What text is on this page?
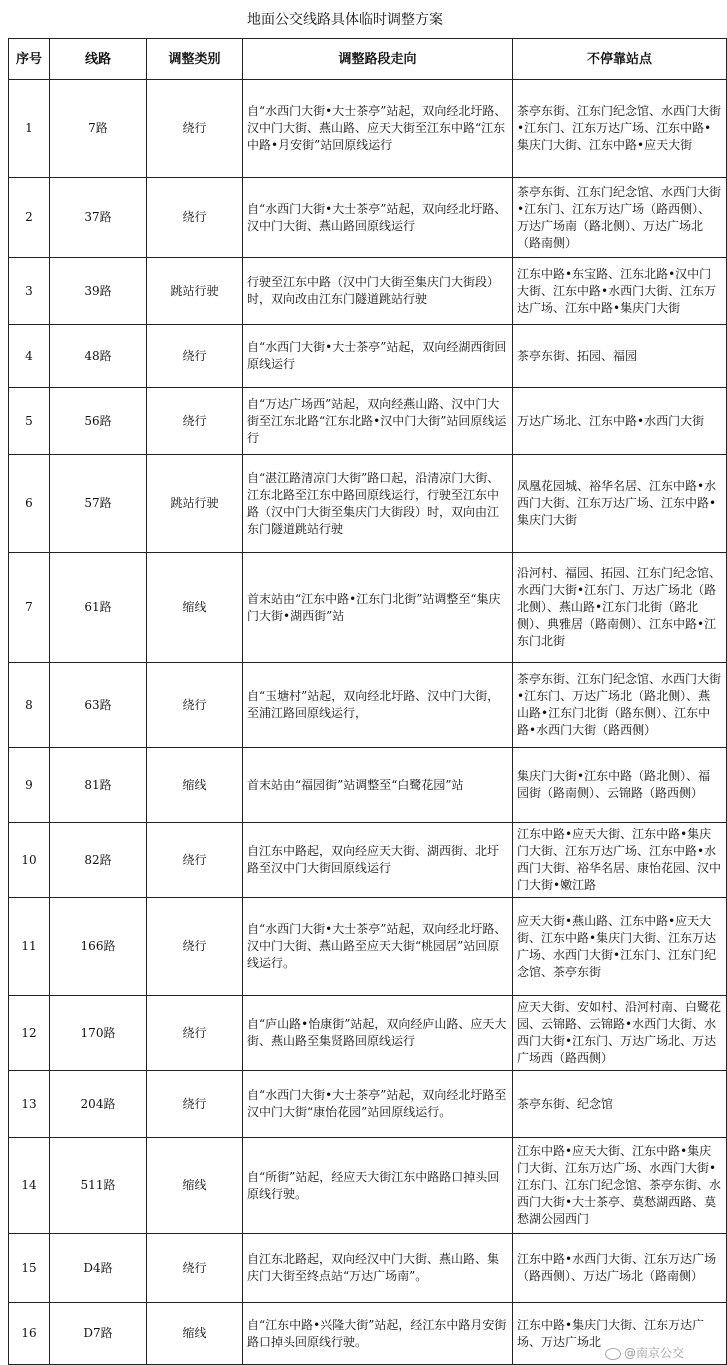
地面公交线路具体临时调整方案
序号	线路	调整类别	调整路段走向	不停靠站点
1	7路	绕行	自“水西门大街•大士茶亭”站起，双向经北圩路、汉中门大街、燕山路、应天大街至江东中路“江东中路•月安街”站回原线运行	茶亭东街、江东门纪念馆、水西门大街•江东门、江东万达广场、江东中路•集庆门大街、江东中路•应天大街
2	37路	绕行	自“水西门大街•大士茶亭”站起，双向经北圩路、汉中门大街、燕山路回原线运行	茶亭东街、江东门纪念馆、水西门大街•江东门、江东万达广场（路西侧）、万达广场南（路北侧）、万达广场北（路南侧）
3	39路	跳站行驶	行驶至江东中路（汉中门大街至集庆门大街段）时，双向改由江东门隧道跳站行驶	江东中路•东宝路、江东北路•汉中门大街、江东中路•水西门大街、江东万达广场、江东中路•集庆门大街
4	48路	绕行	自“水西门大街•大士茶亭”站起，双向经湖西街回原线运行	茶亭东街、拓园、福园
5	56路	绕行	自“万达广场西”站起，双向经燕山路、汉中门大街至江东北路“江东北路•汉中门大街”站回原线运行	万达广场北、江东中路•水西门大街
6	57路	跳站行驶	自“湛江路清凉门大街”路口起，沿清凉门大街、江东北路至江东中路回原线运行，行驶至江东中路（汉中门大街至集庆门大街段）时，双向由江东门隧道跳站行驶	凤凰花园城、裕华名居、江东中路•水西门大街、江东万达广场、江东中路•集庆门大街
7	61路	缩线	首末站由“江东中路•江东门北街”站调整至“集庆门大街•湖西街”站	沿河村、福园、拓园、江东门纪念馆、水西门大街•江东门、万达广场北（路北侧）、燕山路•江东门北街（路北侧）、典雅居（路南侧）、江东中路•江东门北街
8	63路	绕行	自“玉塘村”站起，双向经北圩路、汉中门大街，至浦江路回原线运行，	茶亭东街、江东门纪念馆、水西门大街•江东门、万达广场北（路北侧）、燕山路•江东门北街（路东侧）、江东中路•水西门大街（路西侧）
9	81路	缩线	首末站由“福园街”站调整至“白鹭花园”站	集庆门大街•江东中路（路北侧）、福园街（路南侧）、云锦路（路西侧）
10	82路	绕行	自江东中路起，双向经应天大街、湖西街、北圩路至汉中门大街回原线运行	江东中路•应天大街、江东中路•集庆门大街、江东万达广场、江东中路•水西门大街、裕华名居、康怡花园、汉中门大街•嫩江路
11	166路	绕行	自“水西门大街•大士茶亭”站起，双向经北圩路、汉中门大街、燕山路至应天大街“桃园居”站回原线运行。	应天大街•燕山路、江东中路•应天大街、江东中路•集庆门大街、江东万达广场、水西门大街•江东门、江东门纪念馆、茶亭东街
12	170路	绕行	自“庐山路•怡康街”站起，双向经庐山路、应天大街、燕山路至集贤路回原线运行	应天大街、安如村、沿河村南、白鹭花园、云锦路、云锦路•水西门大街、水西门大街•江东门、万达广场北、万达广场西（路西侧）
13	204路	绕行	自“水西门大街•大士茶亭”站起，双向经北圩路至汉中门大街“康怡花园”站回原线运行。	茶亭东街、纪念馆
14	511路	缩线	自“所街”站起，经应天大街江东中路路口掉头回原线行驶。	江东中路•应天大街、江东中路•集庆门大街、江东万达广场、水西门大街•江东门、江东门纪念馆、茶亭东街、水西门大街•大士茶亭、莫愁湖西路、莫愁湖公园西门
15	D4路	绕行	自江东北路起，双向经汉中门大街、燕山路、集庆门大街至终点站“万达广场南”。	江东中路•水西门大街、江东万达广场（路西侧）、万达广场北（路南侧）
16	D7路	缩线	自“江东中路•兴隆大街”站起，经江东中路月安街路口掉头回原线行驶。	江东中路•集庆门大街、江东万达广场、万达广场北
@南京公交
